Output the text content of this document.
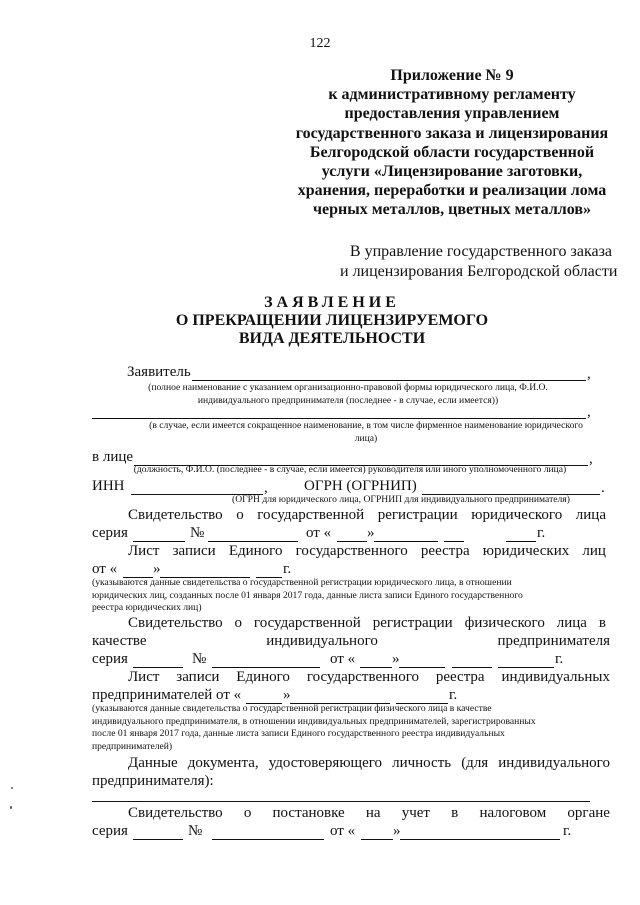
122
Приложение № 9
к административному регламенту
предоставления управлением
государственного заказа и лицензирования
Белгородской области государственной
услуги «Лицензирование заготовки,
хранения, переработки и реализации лома
черных металлов, цветных металлов»
В управление государственного заказа
и лицензирования Белгородской области
ЗАЯВЛЕНИЕ
О ПРЕКРАЩЕНИИ ЛИЦЕНЗИРУЕМОГО
ВИДА ДЕЯТЕЛЬНОСТИ
Заявитель	,
(полное наименование с указанием организационно-правовой формы юридического лица, Ф.И.О.
индивидуального предпринимателя (последнее - в случае, если имеется))
,
(в случае, если имеется сокращенное наименование, в том числе фирменное наименование юридического
лица)
в лице	,
(должность, Ф.И.О. (последнее - в случае, если имеется) руководителя или иного уполномоченного лица)
ИНН	, ОГРН (ОГРНИП)	.
(ОГРН для юридического лица, ОГРНИП для индивидуального предпринимателя)
Свидетельство о государственной регистрации юридического лица
серия	№	от « »	г.
Лист записи Единого государственного реестра юридических лиц
от « »	г.
(указываются данные свидетельства о государственной регистрации юридического лица, в отношении
юридических лиц, созданных после 01 января 2017 года, данные листа записи Единого государственного
реестра юридических лиц)
Свидетельство о государственной регистрации физического лица в
качестве	индивидуального	предпринимателя
серия	№	от « »	г.
Лист записи Единого государственного реестра индивидуальных
предпринимателей от «	»	г.
(указываются данные свидетельства о государственной регистрации физического лица в качестве
индивидуального предпринимателя, в отношении индивидуальных предпринимателей, зарегистрированных
после 01 января 2017 года, данные листа записи Единого государственного реестра индивидуальных
предпринимателей)
Данные документа, удостоверяющего личность (для индивидуального
предпринимателя):
Свидетельство о постановке на учет в налоговом органе
серия	№	от «	»	г.
